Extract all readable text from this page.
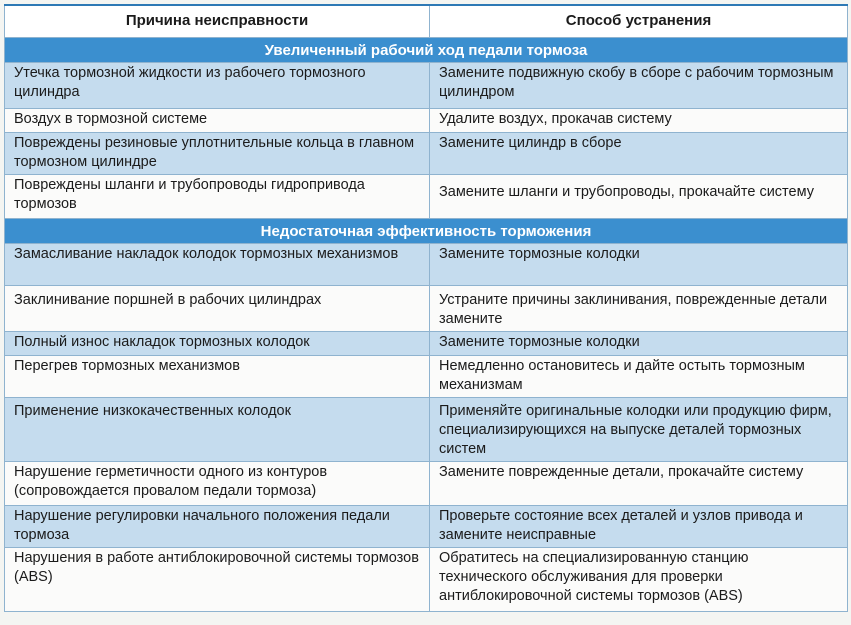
Причина неисправности	Способ устранения
Увеличенный рабочий ход педали тормоза	
Утечка тормозной жидкости из рабочего тормозного цилиндра	Замените подвижную скобу в сборе с рабочим тормозным цилиндром
Воздух в тормозной системе	Удалите воздух, прокачав систему
Повреждены резиновые уплотнительные кольца в главном тормозном цилиндре	Замените цилиндр в сборе
Повреждены шланги и трубопроводы гидропривода тормозов	Замените шланги и трубопроводы, прокачайте систему
Недостаточная эффективность торможения	
Замасливание накладок колодок тормозных механизмов	Замените тормозные колодки
Заклинивание поршней в рабочих цилиндрах	Устраните причины заклинивания, поврежденные детали замените
Полный износ накладок тормозных колодок	Замените тормозные колодки
Перегрев тормозных механизмов	Немедленно остановитесь и дайте остыть тормозным механизмам
Применение низкокачественных колодок	Применяйте оригинальные колодки или продукцию фирм, специализирующихся на выпуске деталей тормозных систем
Нарушение герметичности одного из контуров (сопровождается провалом педали тормоза)	Замените поврежденные детали, прокачайте систему
Нарушение регулировки начального положения педали тормоза	Проверьте состояние всех деталей и узлов привода и замените неисправные
Нарушения в работе антиблокировочной системы тормозов (ABS)	Обратитесь на специализированную станцию технического обслуживания для проверки антиблокировочной системы тормозов (ABS)
